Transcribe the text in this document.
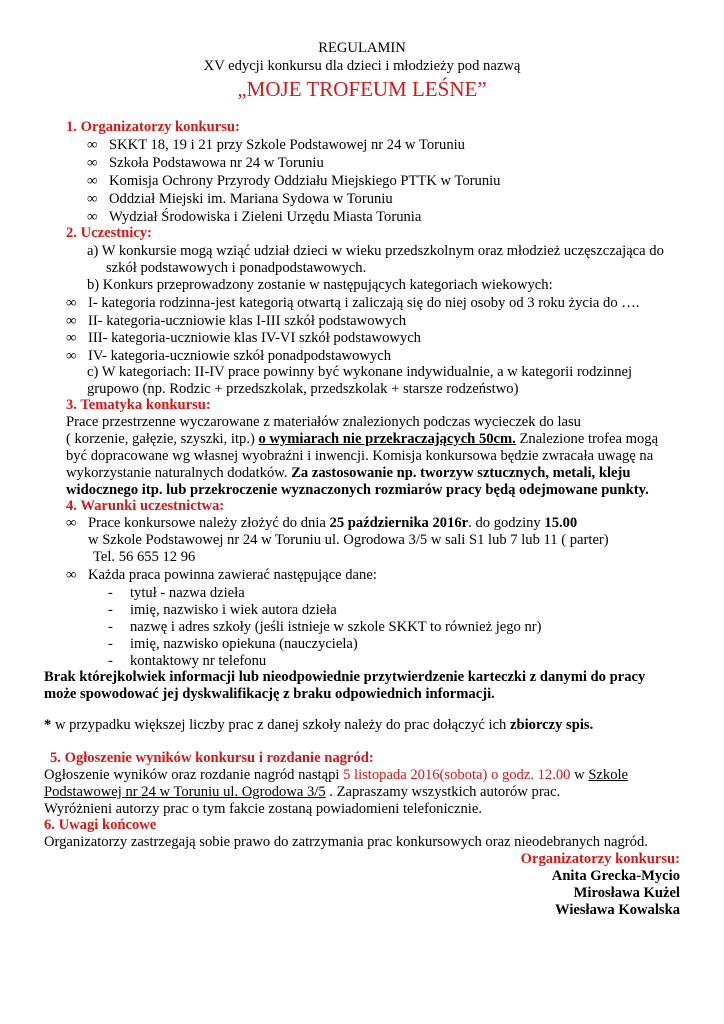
REGULAMIN
XV edycji konkursu dla dzieci i młodzieży pod nazwą
„MOJE TROFEUM LEŚNE”
1. Organizatorzy konkursu:
∞ SKKT 18, 19 i 21 przy Szkole Podstawowej nr 24 w Toruniu
∞ Szkoła Podstawowa nr 24 w Toruniu
∞ Komisja Ochrony Przyrody Oddziału Miejskiego PTTK w Toruniu
∞ Oddział Miejski im. Mariana Sydowa w Toruniu
∞ Wydział Środowiska i Zieleni Urzędu Miasta Torunia
2. Uczestnicy:
a) W konkursie mogą wziąć udział dzieci w wieku przedszkolnym oraz młodzież uczęszczająca do
szkół podstawowych i ponadpodstawowych.
b) Konkurs przeprowadzony zostanie w następujących kategoriach wiekowych:
∞ I- kategoria rodzinna-jest kategorią otwartą i zaliczają się do niej osoby od 3 roku życia do ….
∞ II- kategoria-uczniowie klas I-III szkół podstawowych
∞ III- kategoria-uczniowie klas IV-VI szkół podstawowych
∞ IV- kategoria-uczniowie szkół ponadpodstawowych
c) W kategoriach: II-IV prace powinny być wykonane indywidualnie, a w kategorii rodzinnej
grupowo (np. Rodzic + przedszkolak, przedszkolak + starsze rodzeństwo)
3. Tematyka konkursu:
Prace przestrzenne wyczarowane z materiałów znalezionych podczas wycieczek do lasu
( korzenie, gałęzie, szyszki, itp.) o wymiarach nie przekraczających 50cm. Znalezione trofea mogą
być dopracowane wg własnej wyobraźni i inwencji. Komisja konkursowa będzie zwracała uwagę na
wykorzystanie naturalnych dodatków. Za zastosowanie np. tworzyw sztucznych, metali, kleju
widocznego itp. lub przekroczenie wyznaczonych rozmiarów pracy będą odejmowane punkty.
4. Warunki uczestnictwa:
∞ Prace konkursowe należy złożyć do dnia 25 października 2016r. do godziny 15.00
w Szkole Podstawowej nr 24 w Toruniu ul. Ogrodowa 3/5 w sali S1 lub 7 lub 11 ( parter)
Tel. 56 655 12 96
∞ Każda praca powinna zawierać następujące dane:
- tytuł - nazwa dzieła
- imię, nazwisko i wiek autora dzieła
- nazwę i adres szkoły (jeśli istnieje w szkole SKKT to również jego nr)
- imię, nazwisko opiekuna (nauczyciela)
- kontaktowy nr telefonu
Brak którejkolwiek informacji lub nieodpowiednie przytwierdzenie karteczki z danymi do pracy
może spowodować jej dyskwalifikację z braku odpowiednich informacji.
* w przypadku większej liczby prac z danej szkoły należy do prac dołączyć ich zbiorczy spis.
5. Ogłoszenie wyników konkursu i rozdanie nagród:
Ogłoszenie wyników oraz rozdanie nagród nastąpi 5 listopada 2016(sobota) o godz. 12.00 w Szkole
Podstawowej nr 24 w Toruniu ul. Ogrodowa 3/5 . Zapraszamy wszystkich autorów prac.
Wyróżnieni autorzy prac o tym fakcie zostaną powiadomieni telefonicznie.
6. Uwagi końcowe
Organizatorzy zastrzegają sobie prawo do zatrzymania prac konkursowych oraz nieodebranych nagród.
Organizatorzy konkursu:
Anita Grecka-Mycio
Mirosława Kużel
Wiesława Kowalska
